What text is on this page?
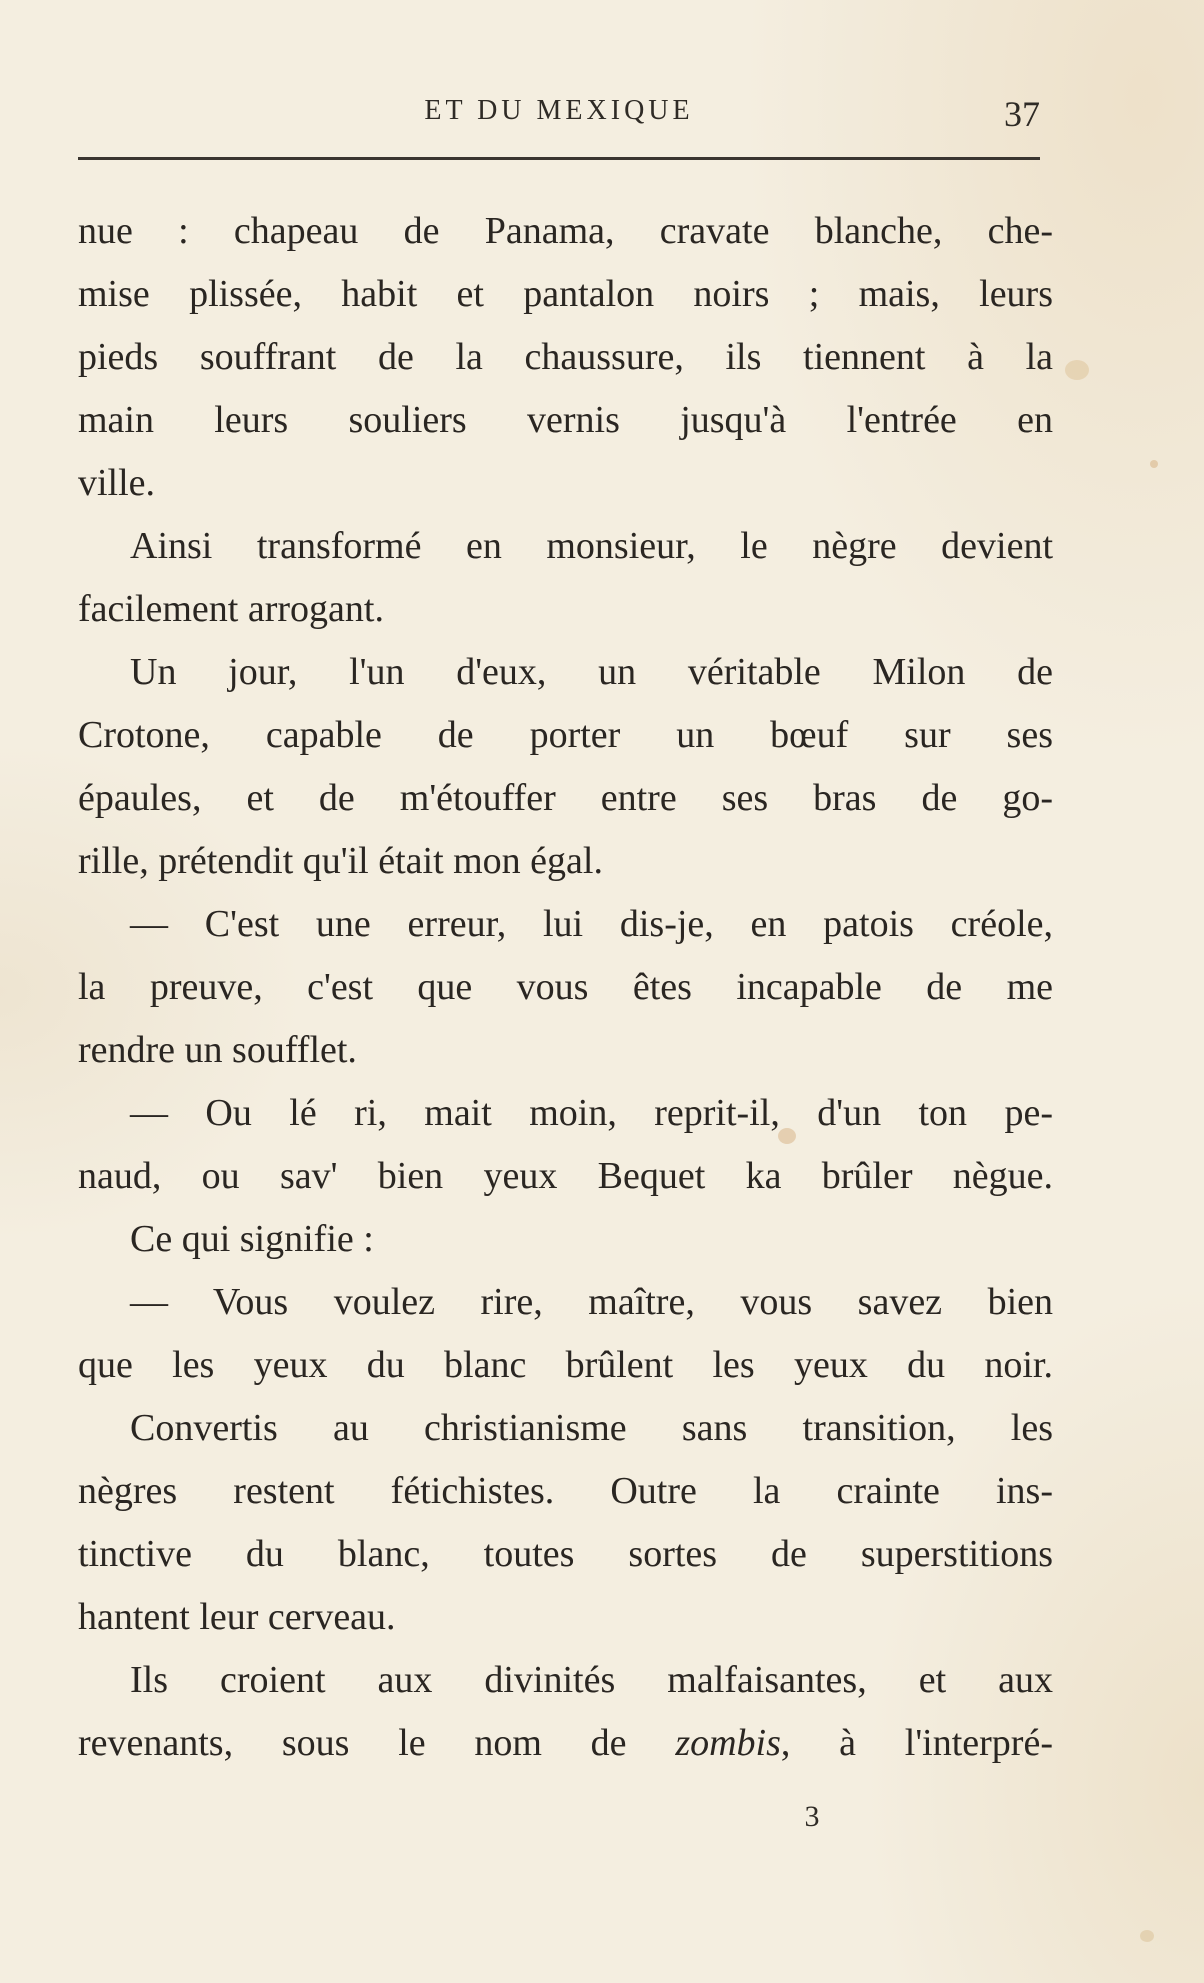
ET DU MEXIQUE	37
nue : chapeau de Panama, cravate blanche, che-
mise plissée, habit et pantalon noirs ; mais, leurs
pieds souffrant de la chaussure, ils tiennent à la
main leurs souliers vernis jusqu'à l'entrée en
ville.
Ainsi transformé en monsieur, le nègre devient
facilement arrogant.
Un jour, l'un d'eux, un véritable Milon de
Crotone, capable de porter un bœuf sur ses
épaules, et de m'étouffer entre ses bras de go-
rille, prétendit qu'il était mon égal.
— C'est une erreur, lui dis-je, en patois créole,
la preuve, c'est que vous êtes incapable de me
rendre un soufflet.
— Ou lé ri, mait moin, reprit-il, d'un ton pe-
naud, ou sav' bien yeux Bequet ka brûler nègue.
Ce qui signifie :
— Vous voulez rire, maître, vous savez bien
que les yeux du blanc brûlent les yeux du noir.
Convertis au christianisme sans transition, les
nègres restent fétichistes. Outre la crainte ins-
tinctive du blanc, toutes sortes de superstitions
hantent leur cerveau.
Ils croient aux divinités malfaisantes, et aux
revenants, sous le nom de zombis, à l'interpré-
3
